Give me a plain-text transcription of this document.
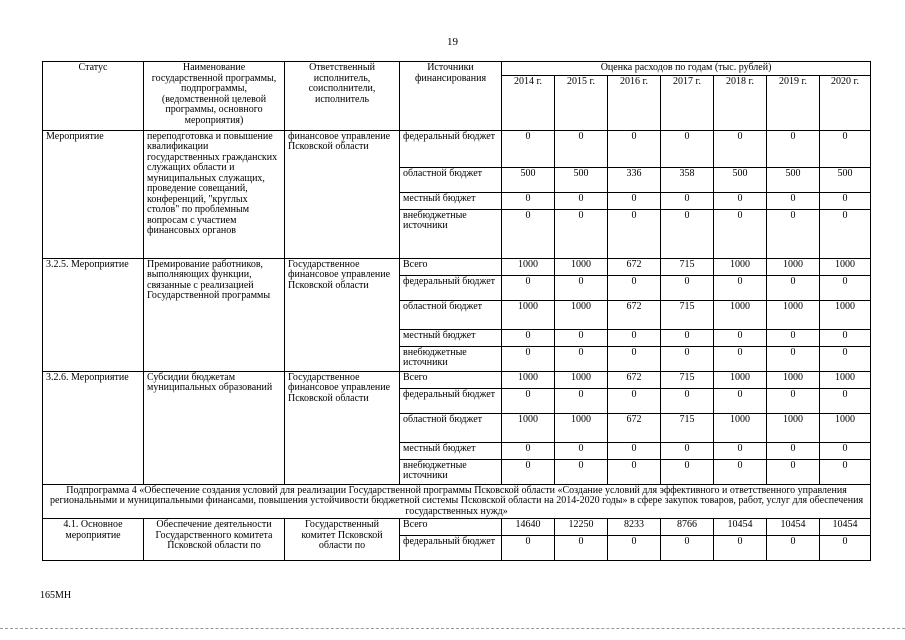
19
Статус	Наименование государственной программы, подпрограммы, (ведомственной целевой программы, основного мероприятия)	Ответственный исполнитель, соисполнители, исполнитель	Источники финансирования	Оценка расходов по годам (тыс. рублей)						
				2014 г.	2015 г.	2016 г.	2017 г.	2018 г.	2019 г.	2020 г.
Мероприятие	переподготовка и повышение квалификации государственных гражданских служащих области и муниципальных служащих, проведение совещаний, конференций, "круглых столов" по проблемным вопросам с участием финансовых органов	финансовое управление Псковской области	федеральный бюджет	0	0	0	0	0	0	0
			областной бюджет	500	500	336	358	500	500	500
			местный бюджет	0	0	0	0	0	0	0
			внебюджетные источники	0	0	0	0	0	0	0
3.2.5. Мероприятие	Премирование работников, выполняющих функции, связанные с реализацией Государственной программы	Государственное финансовое управление Псковской области	Всего	1000	1000	672	715	1000	1000	1000
			федеральный бюджет	0	0	0	0	0	0	0
			областной бюджет	1000	1000	672	715	1000	1000	1000
			местный бюджет	0	0	0	0	0	0	0
			внебюджетные источники	0	0	0	0	0	0	0
3.2.6. Мероприятие	Субсидии бюджетам муниципальных образований	Государственное финансовое управление Псковской области	Всего	1000	1000	672	715	1000	1000	1000
			федеральный бюджет	0	0	0	0	0	0	0
			областной бюджет	1000	1000	672	715	1000	1000	1000
			местный бюджет	0	0	0	0	0	0	0
			внебюджетные источники	0	0	0	0	0	0	0
Подпрограмма 4 «Обеспечение создания условий для реализации Государственной программы Псковской области «Создание условий для эффективного и ответственного управления региональными и муниципальными финансами, повышения устойчивости бюджетной системы Псковской области на 2014-2020 годы» в сфере закупок товаров, работ, услуг для обеспечения государственных нужд»										
4.1. Основное мероприятие	Обеспечение деятельности Государственного комитета Псковской области по	Государственный комитет Псковской области по	Всего	14640	12250	8233	8766	10454	10454	10454
			федеральный бюджет	0	0	0	0	0	0	0
165МН
